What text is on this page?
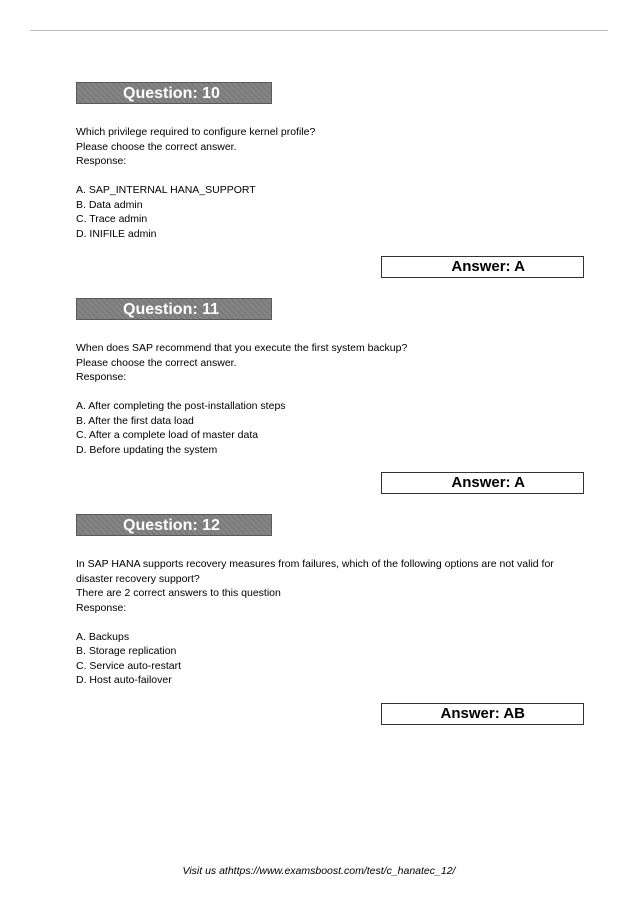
Question: 10

Which privilege required to configure kernel profile?

Please choose the correct answer.

Response:

A. SAP_INTERNAL HANA_SUPPORT
B. Data admin
C. Trace admin
D. INIFILE admin
Answer: A
Question: 11

When does SAP recommend that you execute the first system backup?

Please choose the correct answer.

Response:

A. After completing the post-installation steps
B. After the first data load
C. After a complete load of master data
D. Before updating the system
Answer: A
Question: 12

In SAP HANA supports recovery measures from failures, which of the following options are not valid for

disaster recovery support?

There are 2 correct answers to this question

Response:

A. Backups
B. Storage replication
C. Service auto-restart
D. Host auto-failover
Answer: AB
Visit us athttps://www.examsboost.com/test/c_hanatec_12/
